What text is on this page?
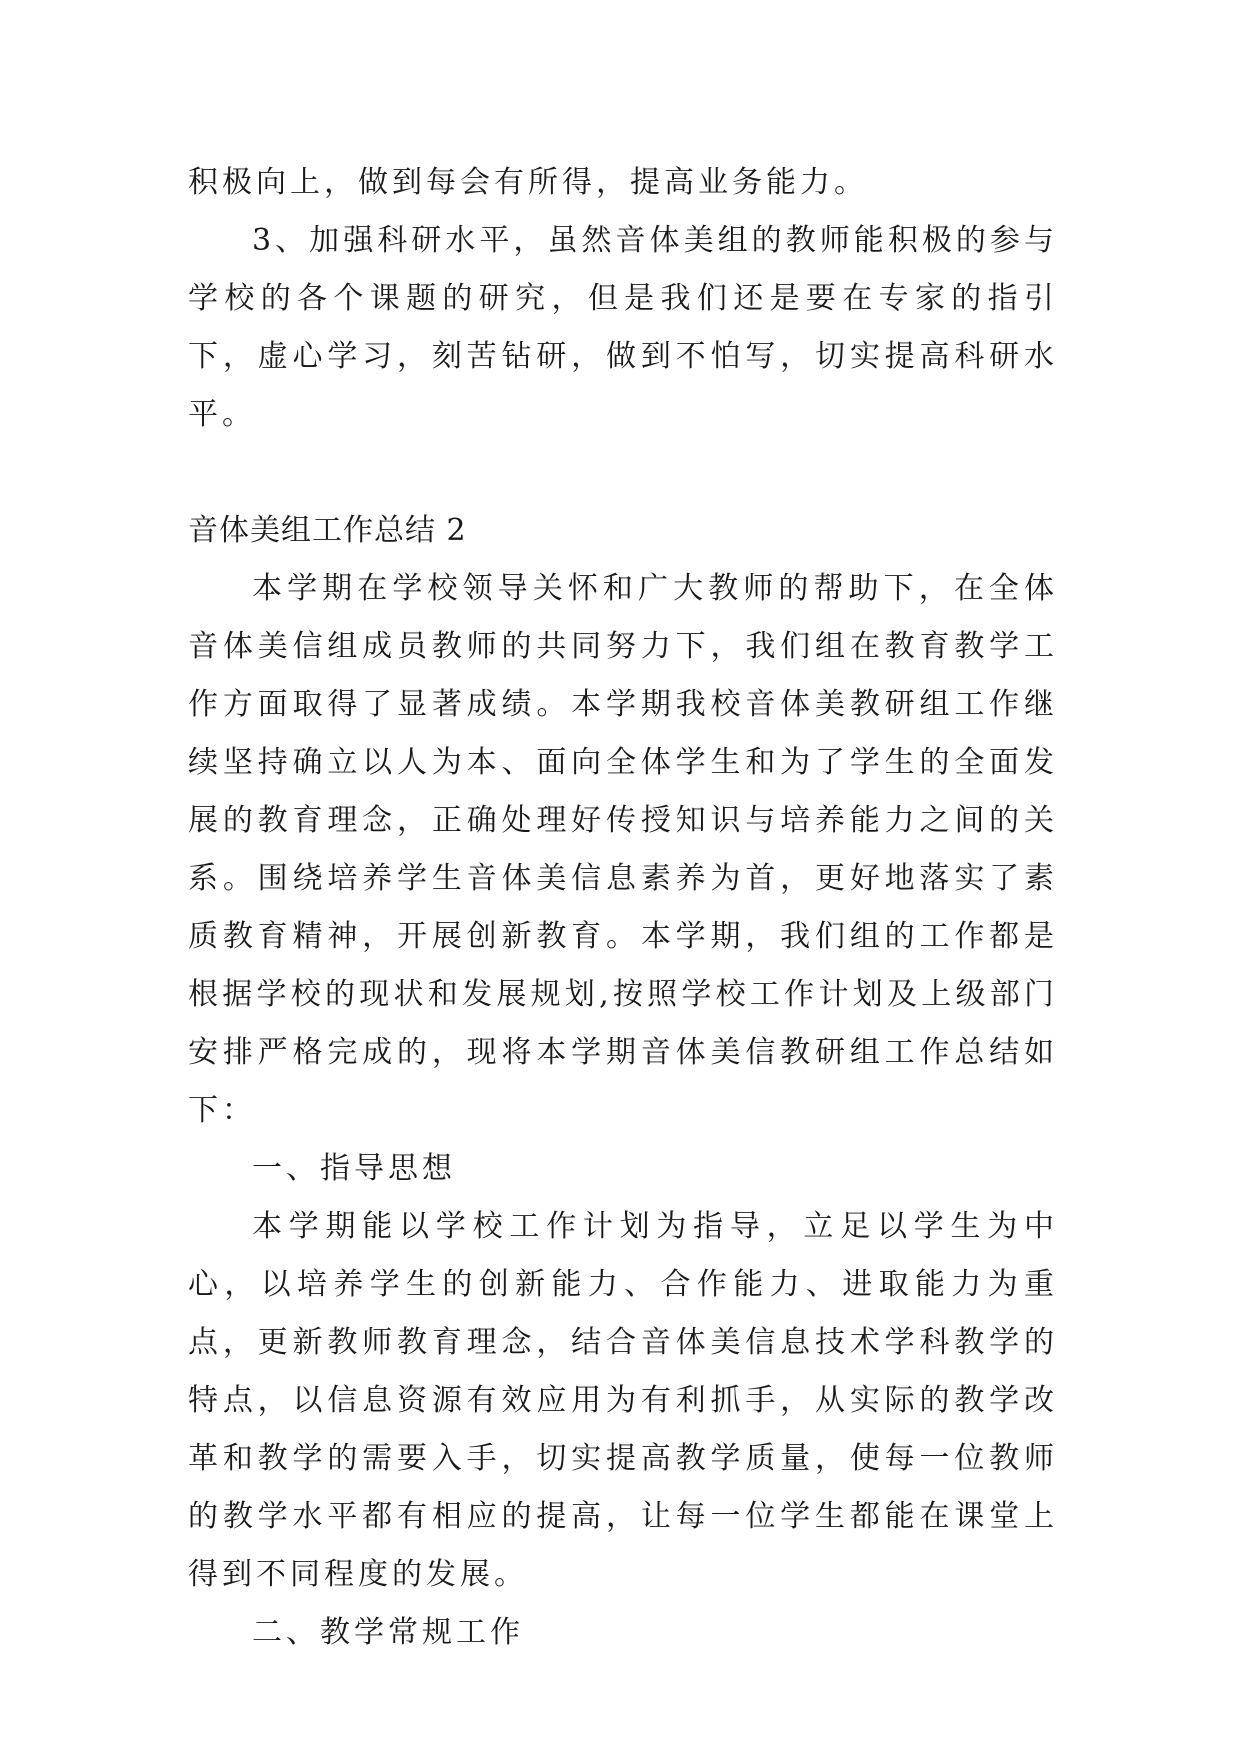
积极向上，做到每会有所得，提高业务能力。

3、加强科研水平，虽然音体美组的教师能积极的参与学校的各个课题的研究，但是我们还是要在专家的指引下，虚心学习，刻苦钻研，做到不怕写，切实提高科研水平。

音体美组工作总结 2

本学期在学校领导关怀和广大教师的帮助下，在全体音体美信组成员教师的共同努力下，我们组在教育教学工作方面取得了显著成绩。本学期我校音体美教研组工作继续坚持确立以人为本、面向全体学生和为了学生的全面发展的教育理念，正确处理好传授知识与培养能力之间的关系。围绕培养学生音体美信息素养为首，更好地落实了素质教育精神，开展创新教育。本学期，我们组的工作都是根据学校的现状和发展规划,按照学校工作计划及上级部门安排严格完成的，现将本学期音体美信教研组工作总结如下：

一、指导思想

本学期能以学校工作计划为指导，立足以学生为中心，以培养学生的创新能力、合作能力、进取能力为重点，更新教师教育理念，结合音体美信息技术学科教学的特点，以信息资源有效应用为有利抓手，从实际的教学改革和教学的需要入手，切实提高教学质量，使每一位教师的教学水平都有相应的提高，让每一位学生都能在课堂上得到不同程度的发展。

二、教学常规工作
